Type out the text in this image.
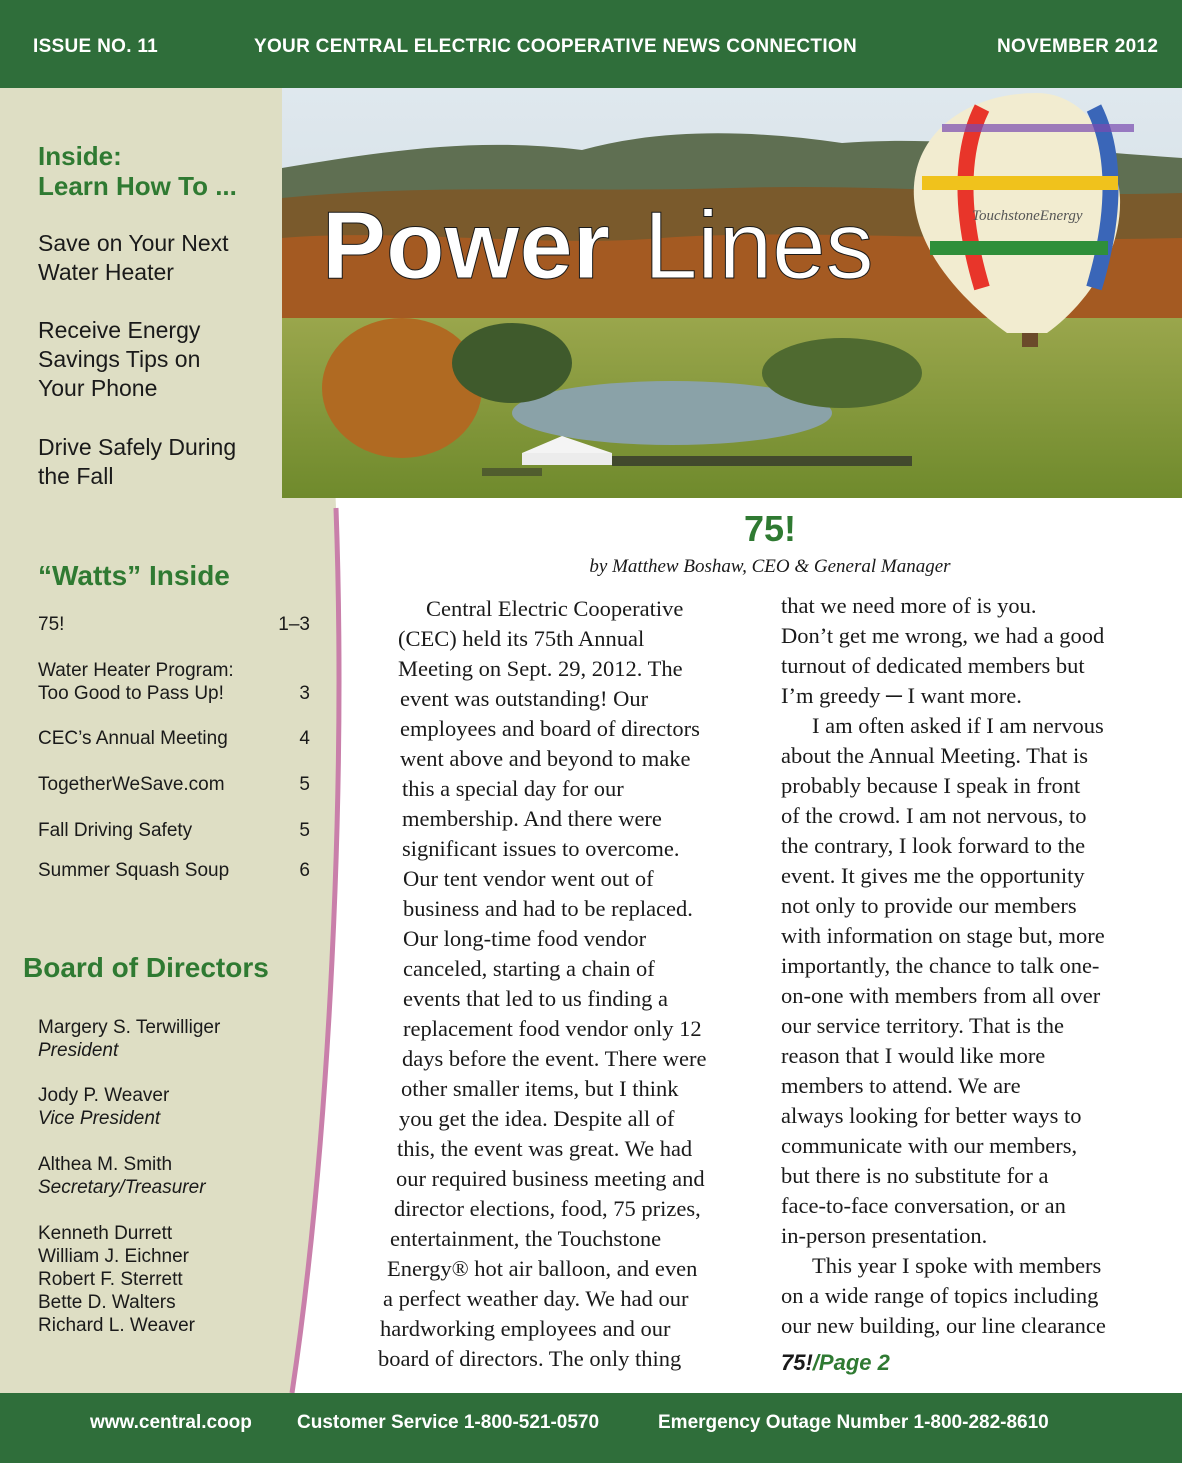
ISSUE NO. 11	YOUR CENTRAL ELECTRIC COOPERATIVE NEWS CONNECTION	NOVEMBER 2012
TouchstoneEnergy
Power Lines
Inside:
Learn How To ...
Save on Your Next
Water Heater
Receive Energy
Savings Tips on
Your Phone
Drive Safely During
the Fall
“Watts” Inside
75!	1–3
Water Heater Program:
Too Good to Pass Up!	3
CEC’s Annual Meeting	4
TogetherWeSave.com	5
Fall Driving Safety	5
Summer Squash Soup	6
Board of Directors
Margery S. Terwilliger
President
Jody P. Weaver
Vice President
Althea M. Smith
Secretary/Treasurer
Kenneth Durrett
William J. Eichner
Robert F. Sterrett
Bette D. Walters
Richard L. Weaver
75!
by Matthew Boshaw, CEO & General Manager
Central Electric Cooperative
(CEC) held its 75th Annual
Meeting on Sept. 29, 2012. The
event was outstanding! Our
employees and board of directors
went above and beyond to make
this a special day for our
membership. And there were
significant issues to overcome.
Our tent vendor went out of
business and had to be replaced.
Our long-time food vendor
canceled, starting a chain of
events that led to us finding a
replacement food vendor only 12
days before the event. There were
other smaller items, but I think
you get the idea. Despite all of
this, the event was great. We had
our required business meeting and
director elections, food, 75 prizes,
entertainment, the Touchstone
Energy® hot air balloon, and even
a perfect weather day. We had our
hardworking employees and our
board of directors. The only thing
that we need more of is you.
Don’t get me wrong, we had a good
turnout of dedicated members but
I’m greedy ─ I want more.
I am often asked if I am nervous
about the Annual Meeting. That is
probably because I speak in front
of the crowd. I am not nervous, to
the contrary, I look forward to the
event. It gives me the opportunity
not only to provide our members
with information on stage but, more
importantly, the chance to talk one-
on-one with members from all over
our service territory. That is the
reason that I would like more
members to attend. We are
always looking for better ways to
communicate with our members,
but there is no substitute for a
face-to-face conversation, or an
in-person presentation.
This year I spoke with members
on a wide range of topics including
our new building, our line clearance
75!/Page 2
www.central.coop Customer Service 1-800-521-0570	Emergency Outage Number 1-800-282-8610
